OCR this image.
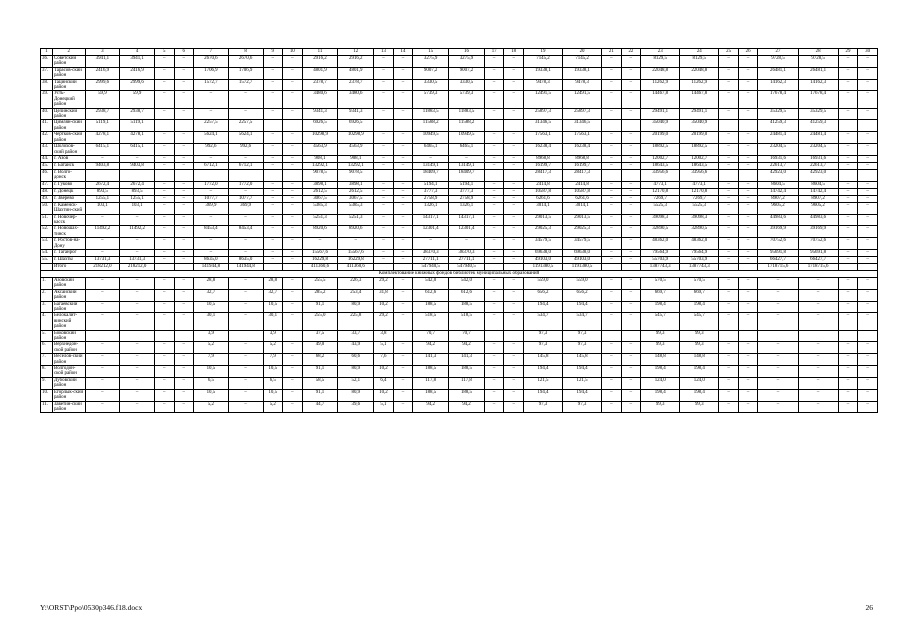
1	2	3	4	5	6	7	8	9	10	11	12	13	14	15	16	17	18	19	20	21	22	23	24	25	26	27	28	29	30
36.	Советский район	3941,1	3941,1	–	–	2670,6	2670,6	–	–	2916,2	2916,2	–	–	3275,9	3275,9	–	–	7145,2	7145,2	–	–	8129,5	8129,5	–	–	9728,5	9728,5	–	–
37.	Тарасов-ский район	2416,9	2416,9	–	–	1706,9	1706,9	–	–	4801,9	4801,9	–	–	9007,2	9007,2	–	–	19338,1	19338,1	–	–	22048,8	22048,8	–	–	26481,1	26481,1	–	–
38.	Тацинский район	2999,6	2999,6	–	–	1572,7	1572,7	–	–	2378,7	2378,7	–	–	3330,5	3330,5	–	–	9478,3	9478,3	–	–	11262,9	11262,9	–	–	14162,3	14162,3	–	–
39.	Усть-Донецкий район	59,9	59,9	–	–	–	–	–	–	3480,6	3480,6	–	–	5739,3	5739,3	–	–	12491,5	12491,5	–	–	14467,8	14467,8	–	–	17678,4	17678,4	–	–
40.	Целинский район	2938,7	2938,7	–	–	–	–	–	–	9341,3	9341,3	–	–	11883,5	11883,5	–	–	25897,3	25897,3	–	–	29491,1	29491,1	–	–	35329,5	35329,5	–	–
41.	Цимлян-ский район	5119,1	5119,1			2257,5	2257,5			6926,5	6926,5			11588,2	11588,2			31346,5	31346,5			35040,9	35040,9			41259,3	41259,3		
42.	Чертков-ский район	4278,1	4278,1	–	–	5624,1	5624,1	–	–	10298,9	10298,9	–	–	10949,5	10949,5	–	–	17563,1	17563,1	–	–	20199,0	20199,0	–	–	24481,4	24481,4	–	–
43.	Шолохов-ский район	6415,1	6415,1	–	–	992,6	992,6	–	–	4563,9	4563,9	–	–	6465,1	6465,1	–	–	16238,4	16238,4	–	–	18892,5	18892,5	–	–	23204,5	23204,5	–	–
44.	г. Азов	–	–	–	–	–	–	–	–	908,1	908,1	–	–	–	–	–	–	8968,8	8968,8	–	–	12002,7	12002,7	–	–	16931,6	16931,6	–	–
45.	г. Батайск	9403,8	9403,8	–	–	6712,1	6712,1	–	–	13292,1	13292,1	–	–	13149,1	13149,1	–	–	16199,7	16199,7	–	–	18643,5	18643,5	–	–	22613,7	22613,7	–	–
46.	г. Волго-донск									9078,5	9078,5			18409,7	18409,7			28417,3	28417,3			33956,6	33956,6			42923,0	42923,0		
47.	г. Гуково	2672,4	2672,4	–	–	1772,0	1772,0	–	–	3898,1	3898,1	–	–	5194,1	5194,1	–	–	2414,8	2414,8	–	–	4773,1	4773,1	–	–	8604,5	8604,5	–	–
48.	г. Донецк	893,5	893,5	–	–	–	–	–	–	2612,5	2612,5	–	–	3777,3	3777,3	–	–	10587,8	10587,8	–	–	12170,8	12170,8	–	–	14742,4	14742,4	–	–
49.	г. Зверево	1255,1	1255,1	–	–	1077,7	1077,7	–	–	3067,5	3067,5	–	–	2758,9	2758,9	–	–	6261,6	6261,6	–	–	7269,7	7269,7	–	–	8907,2	8907,2	–	–
50.	г. Каменск-Шахтин-ский	103,1	103,1	–	–	369,9	369,9	–	–	5385,3	5385,3	–	–	1326,1	1326,1	–	–	3014,1	3014,1	–	–	5525,3	5525,3	–	–	9605,2	9605,2	–	–
51.	г. Новочер-касск	–	–	–	–	–	–	–	–	5251,3	5251,3	–	–	14317,1	14317,1	–	–	29013,5	29013,5	–	–	39098,3	39098,3	–	–	44983,6	44983,6	–	–
52.	г. Новошах-тинск	11492,2	11492,2	–	–	8453,4	8453,4	–	–	8920,6	8920,6	–	–	12301,4	12301,4	–	–	29025,3	29025,3	–	–	32890,5	32890,5	–	–	39169,9	39169,9	–	–
53.	г. Ростов-на-Дону	–	–	–	–	–	–	–	–	–	–	–	–	–	–	–	–	34579,5	34579,5	–	–	48362,0	48362,0	–	–	70752,6	70752,6	–	–
54.	г. Таганрог	–	–	–	–	–	–	–	–	15567,6	15567,6	–	–	38370,3	38370,3	–	–	69638,0	69638,0	–	–	79564,9	79564,9	–	–	95691,8	95691,8	–	–
55.	г. Шахты	13731,3	13731,3	–	–	8635,0	8635,0	–	–	16229,8	16229,8	–	–	27711,1	27711,1	–	–	49103,0	49103,0	–	–	55703,9	55703,9	–	–	66427,7	66427,7	–	–
	Итого	218212,0	218212,0			141944,8	141944,8			411360,6	411360,6			547940,5	547940,5			1191380,5	1191380,5			1387743,3	1387743,3			1718715,6	1718715,6		
Комплектование книжных фондов библиотек муниципальных образований																													
1.	Азовский район	–	–	–	–	28,8	–	28,8	–	255,5	226,3	29,2	–	542,0	542,0	–	–	559,0	559,0	–	–	570,5	570,5	–	–	–	–	–	–
2.	Аксайский район	–	–	–	–	32,7	–	32,7	–	285,2	253,4	31,8	–	612,6	612,6	–	–	656,2	656,2	–	–	669,7	669,7	–	–	–	–	–	–
3.	Багаевский район	–	–	–	–	10,5	–	10,5	–	91,1	80,9	10,2	–	188,5	188,5	–	–	194,4	194,4	–	–	198,4	198,4	–	–	–	–	–	–
4.	Белокалит-винский район	–	–	–	–	30,1	–	30,1	–	255,0	225,8	29,2	–	518,5	518,5	–	–	534,7	534,7	–	–	545,7	545,7	–	–	–	–	–	–
5.	Боковский район					3,9		3,9		37,5	33,7	3,8		70,7	70,7			97,3	97,3			99,3	99,3						
6.	Верхнедон-ской район	–	–	–	–	5,2	–	5,2	–	49,0	43,9	5,1	–	94,2	94,2	–	–	97,3	97,3	–	–	99,3	99,3	–	–	–	–	–	–
7.	Веселов-ский район	–	–	–	–	7,9	–	7,9	–	68,2	60,6	7,6	–	141,3	141,3	–	–	145,8	145,8	–	–	148,8	148,8	–	–	–	–	–	–
8.	Волгодон-ской район	–	–	–	–	10,5	–	10,5	–	91,1	80,9	10,2	–	188,5	188,5	–	–	194,4	194,4	–	–	198,4	198,4	–	–	–	–	–	–
9.	Дубовский район	–	–	–	–	6,5	–	6,5	–	58,5	52,1	6,4	–	117,8	117,8	–	–	121,5	121,5	–	–	124,0	124,0	–	–	–	–	–	–
10.	Егорлык-ский район	–	–	–	–	10,5	–	10,5	–	91,1	80,9	10,2	–	188,5	188,5	–	–	194,4	194,4	–	–	198,4	198,4	–	–	–	–	–	–
11.	Заветин-ский район	–	–	–	–	5,2	–	5,2	–	44,7	39,6	5,1	–	94,2	94,2	–	–	97,3	97,3	–	–	99,3	99,3	–	–	–	–	–	–
Y:\ORST\Ppo\0530p346.f18.docx	26
